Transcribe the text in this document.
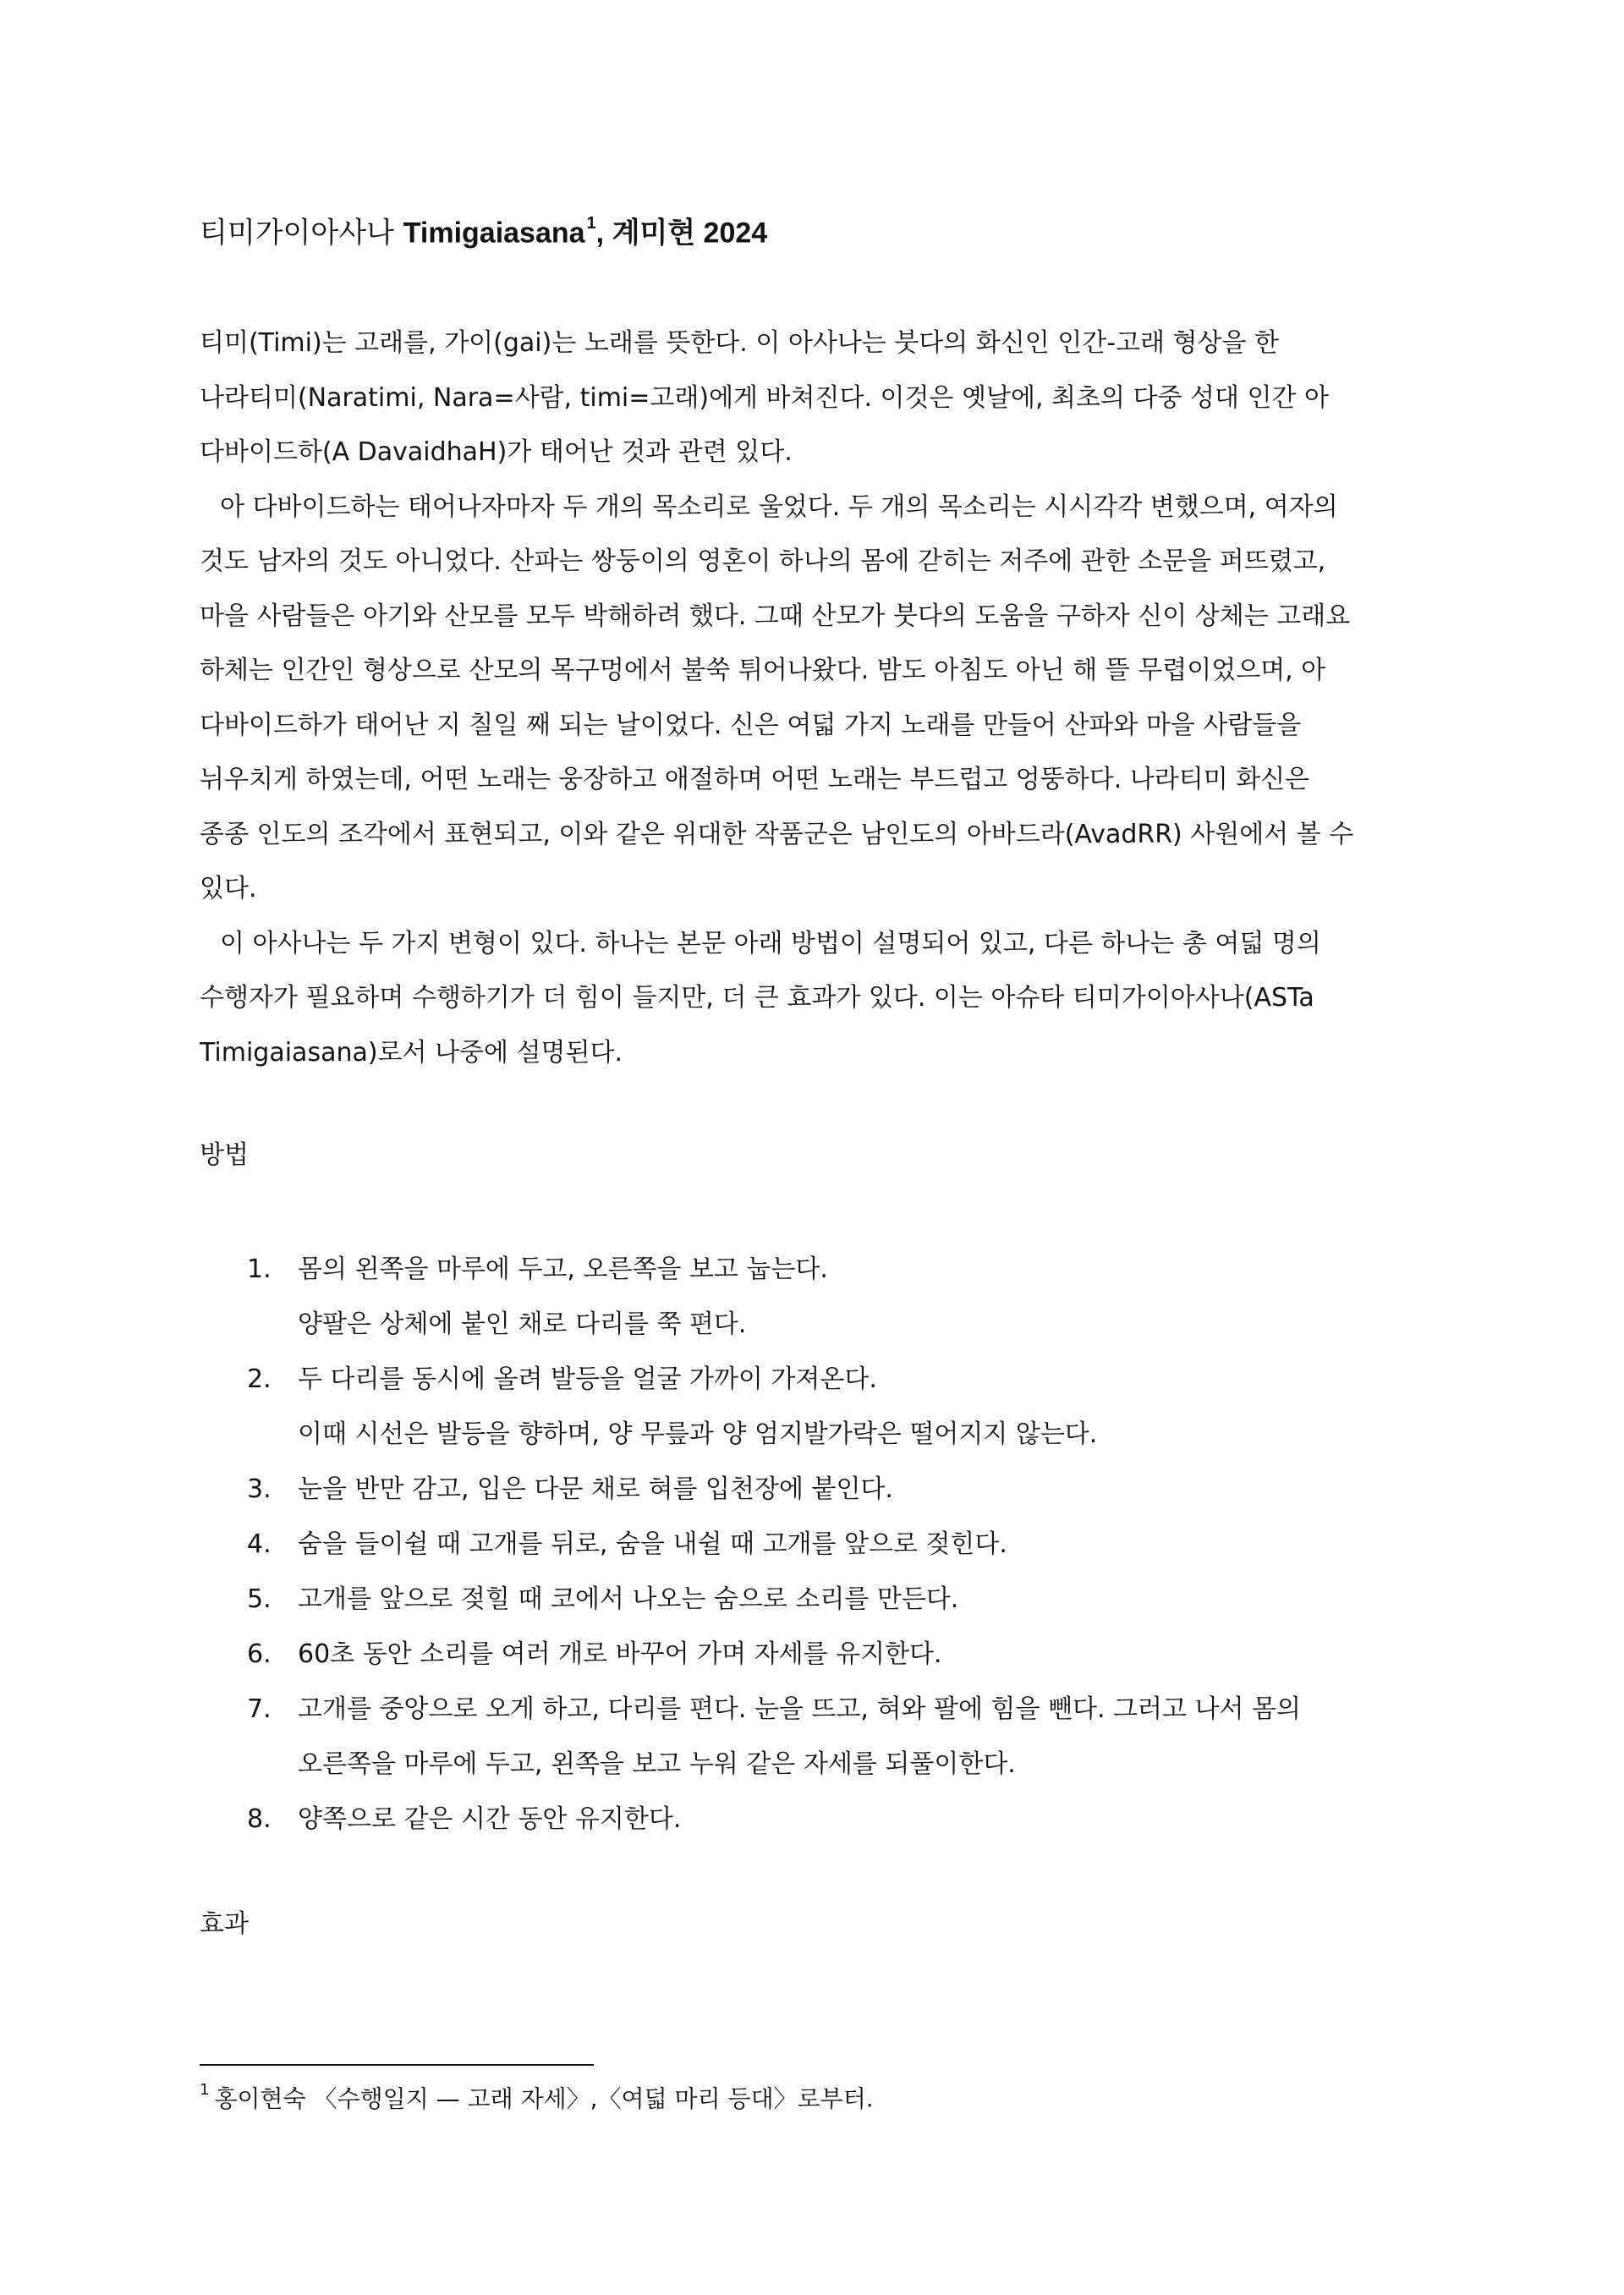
티미가이아사나 Timigaiasana $^1$, 계미현 2024
티미(Timi)는 고래를, 가이(gai)는 노래를 뜻한다. 이 아사나는 붓다의 화신인 인간-고래 형상을 한
나라티미(Naratimi, Nara=사람, timi=고래)에게 바쳐진다. 이것은 옛날에, 최초의 다중 성대 인간 아
다바이드하(A DavaidhaH)가 태어난 것과 관련 있다.
아 다바이드하는 태어나자마자 두 개의 목소리로 울었다. 두 개의 목소리는 시시각각 변했으며, 여자의
것도 남자의 것도 아니었다. 산파는 쌍둥이의 영혼이 하나의 몸에 갇히는 저주에 관한 소문을 퍼뜨렸고,
마을 사람들은 아기와 산모를 모두 박해하려 했다. 그때 산모가 붓다의 도움을 구하자 신이 상체는 고래요
하체는 인간인 형상으로 산모의 목구멍에서 불쑥 튀어나왔다. 밤도 아침도 아닌 해 뜰 무렵이었으며, 아
다바이드하가 태어난 지 칠일 째 되는 날이었다. 신은 여덟 가지 노래를 만들어 산파와 마을 사람들을
뉘우치게 하였는데, 어떤 노래는 웅장하고 애절하며 어떤 노래는 부드럽고 엉뚱하다. 나라티미 화신은
종종 인도의 조각에서 표현되고, 이와 같은 위대한 작품군은 남인도의 아바드라(AvadRR) 사원에서 볼 수
있다.
이 아사나는 두 가지 변형이 있다. 하나는 본문 아래 방법이 설명되어 있고, 다른 하나는 총 여덟 명의
수행자가 필요하며 수행하기가 더 힘이 들지만, 더 큰 효과가 있다. 이는 아슈타 티미가이아사나(ASTa
Timigaiasana)로서 나중에 설명된다.
방법
1. 몸의 왼쪽을 마루에 두고, 오른쪽을 보고 눕는다.
양팔은 상체에 붙인 채로 다리를 쭉 편다.
2. 두 다리를 동시에 올려 발등을 얼굴 가까이 가져온다.
이때 시선은 발등을 향하며, 양 무릎과 양 엄지발가락은 떨어지지 않는다.
3. 눈을 반만 감고, 입은 다문 채로 혀를 입천장에 붙인다.
4. 숨을 들이쉴 때 고개를 뒤로, 숨을 내쉴 때 고개를 앞으로 젖힌다.
5. 고개를 앞으로 젖힐 때 코에서 나오는 숨으로 소리를 만든다.
6. 60초 동안 소리를 여러 개로 바꾸어 가며 자세를 유지한다.
7. 고개를 중앙으로 오게 하고, 다리를 편다. 눈을 뜨고, 혀와 팔에 힘을 뺀다. 그러고 나서 몸의
오른쪽을 마루에 두고, 왼쪽을 보고 누워 같은 자세를 되풀이한다.
8. 양쪽으로 같은 시간 동안 유지한다.
효과
$^1$ 홍이현숙 〈수행일지 — 고래 자세〉,〈여덟 마리 등대〉로부터.
